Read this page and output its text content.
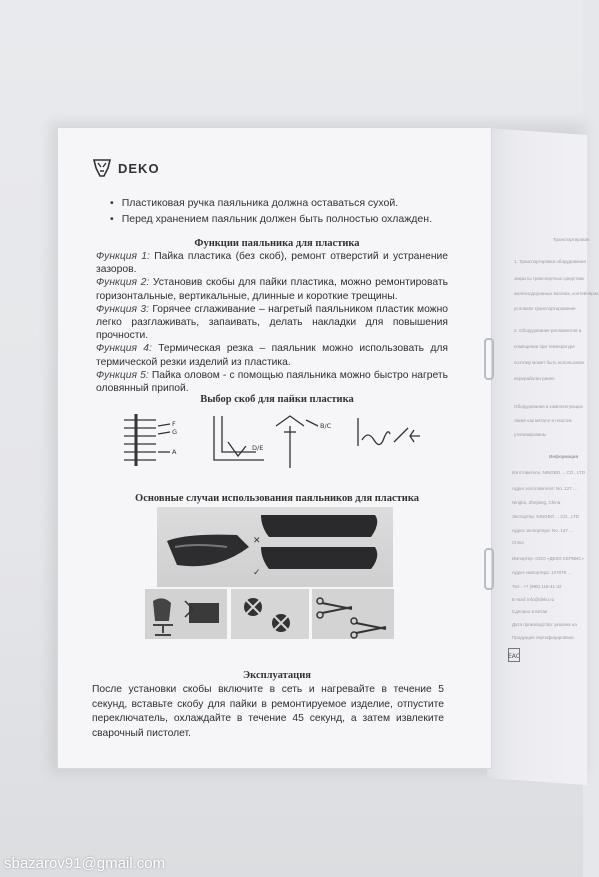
Транспортирован
1. Транспортировка оборудования
закрыты транспортных средствах
железнодорожных вагонах, контейнерах
условиях транспортирования
2. Оборудование регламентов в
помещении при температуре
поэтому может быть использован
перерабатан ранее
Оборудования и комплектующих
также как металл и пластик
утилизированы
Информация
Изготовитель: NINGBO ... CO., LTD
Адрес изготовителя: No. 127 ...
Ningbo, Zhejiang, China
Экспортер: NINGBO ... CO., LTD
Адрес экспортера: No. 127 ...
China
Импортер: ООО «ДЕКО СЕРВИС»
Адрес импортера: 107076 ...
Тел.: +7 (995) 118-41-32
E-mail: info@deko.ru
Сделано в Китае
Дата производства: указана на
Продукция сертифицирована
EAC
DEKO
• Пластиковая ручка паяльника должна оставаться сухой.
• Перед хранением паяльник должен быть полностью охлажден.
Функции паяльника для пластика

Функция 1: Пайка пластика (без скоб), ремонт отверстий и устранение зазоров.

Функция 2: Установив скобы для пайки пластика, можно ремонтировать горизонтальные, вертикальные, длинные и короткие трещины.

Функция 3: Горячее сглаживание – нагретый паяльником пластик можно легко разглаживать, запаивать, делать накладки для повышения прочности.

Функция 4: Термическая резка – паяльник можно использовать для термической резки изделий из пластика.

Функция 5: Пайка оловом - с помощью паяльника можно быстро нагреть оловянный припой.

Выбор скоб для пайки пластика
F
G
A	D/E
B/C
Основные случаи использования паяльников для пластика
✕
✓
Эксплуатация
После установки скобы включите в сеть и нагревайте в течение 5 секунд, вставьте скобу для пайки в ремонтируемое изделие, отпустите переключатель, охлаждайте в течение 45 секунд, а затем извлеките сварочный пистолет.
sbazarov91@gmail.com
